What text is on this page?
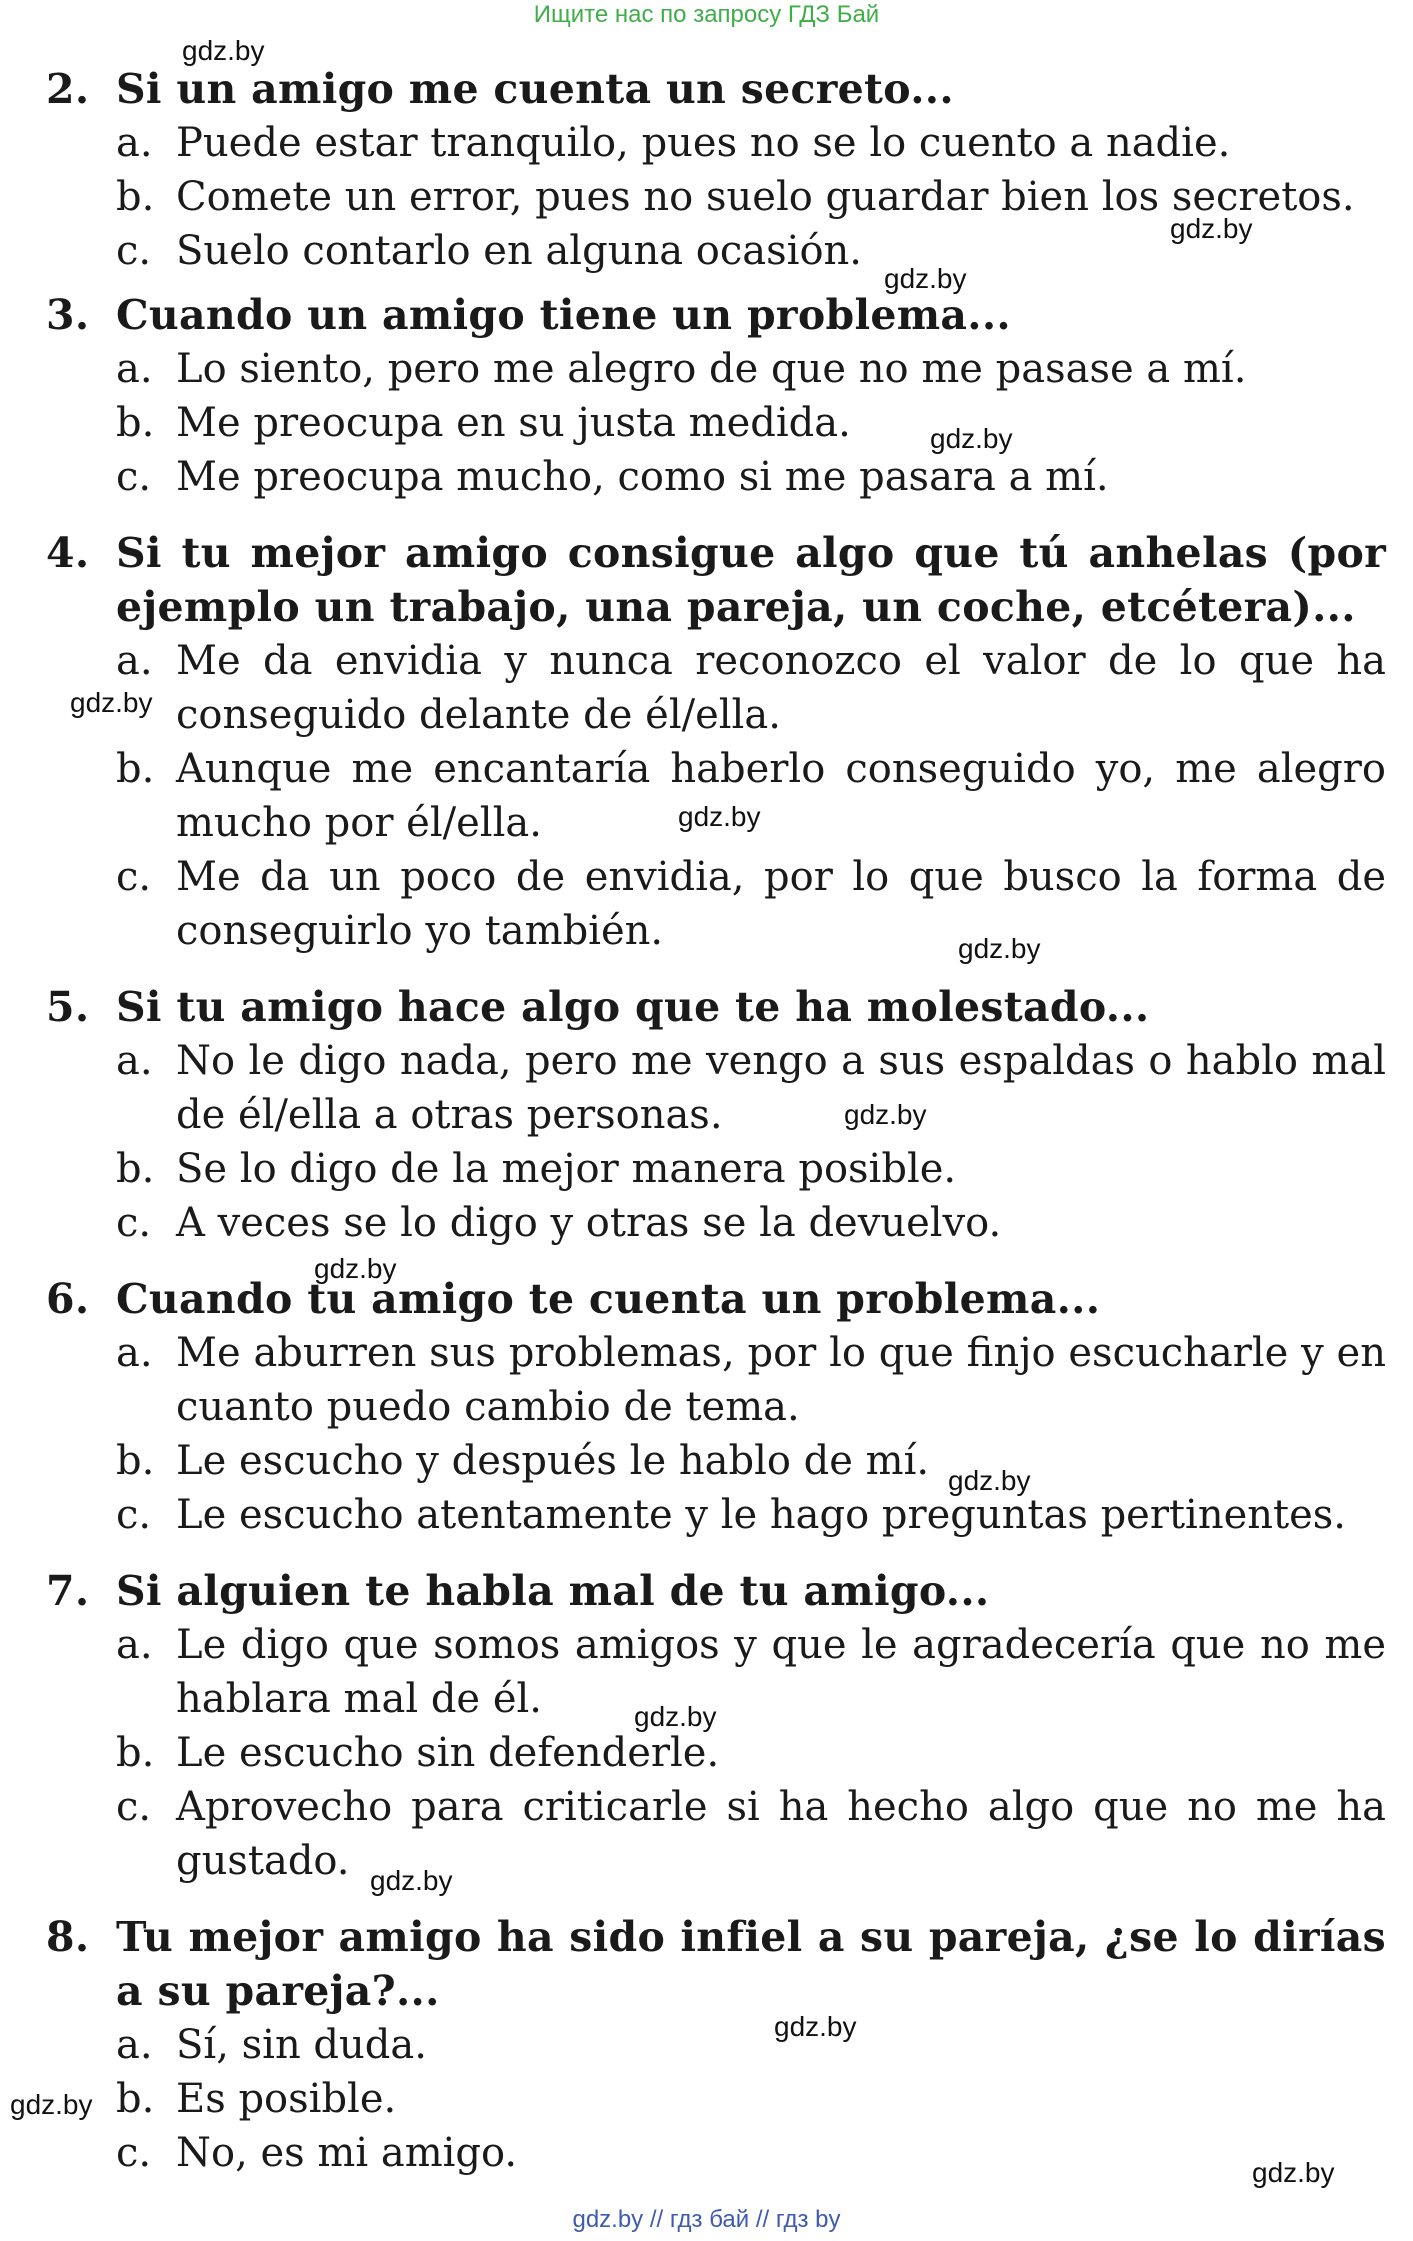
Ищите нас по запросу ГДЗ Бай
2. Si un amigo me cuenta un secreto...
a. Puede estar tranquilo, pues no se lo cuento a nadie.
b. Comete un error, pues no suelo guardar bien los secretos.
c. Suelo contarlo en alguna ocasión.
3. Cuando un amigo tiene un problema...
a. Lo siento, pero me alegro de que no me pasase a mí.
b. Me preocupa en su justa medida.
c. Me preocupa mucho, como si me pasara a mí.
4. Si tu mejor amigo consigue algo que tú anhelas (por ejemplo un trabajo, una pareja, un coche, etcétera)...
a. Me da envidia y nunca reconozco el valor de lo que ha conseguido delante de él/ella.
b. Aunque me encantaría haberlo conseguido yo, me alegro mucho por él/ella.
c. Me da un poco de envidia, por lo que busco la forma de conseguirlo yo también.
5. Si tu amigo hace algo que te ha molestado...
a. No le digo nada, pero me vengo a sus espaldas o hablo mal de él/ella a otras personas.
b. Se lo digo de la mejor manera posible.
c. A veces se lo digo y otras se la devuelvo.
6. Cuando tu amigo te cuenta un problema...
a. Me aburren sus problemas, por lo que finjo escucharle y en cuanto puedo cambio de tema.
b. Le escucho y después le hablo de mí.
c. Le escucho atentamente y le hago preguntas pertinentes.
7. Si alguien te habla mal de tu amigo...
a. Le digo que somos amigos y que le agradecería que no me hablara mal de él.
b. Le escucho sin defenderle.
c. Aprovecho para criticarle si ha hecho algo que no me ha gustado.
8. Tu mejor amigo ha sido infiel a su pareja, ¿se lo dirías a su pareja?...
a. Sí, sin duda.
b. Es posible.
c. No, es mi amigo.
gdz.by
gdz.by
gdz.by
gdz.by
gdz.by
gdz.by
gdz.by
gdz.by
gdz.by
gdz.by
gdz.by
gdz.by
gdz.by
gdz.by
gdz.by
gdz.by // гдз бай // гдз by
